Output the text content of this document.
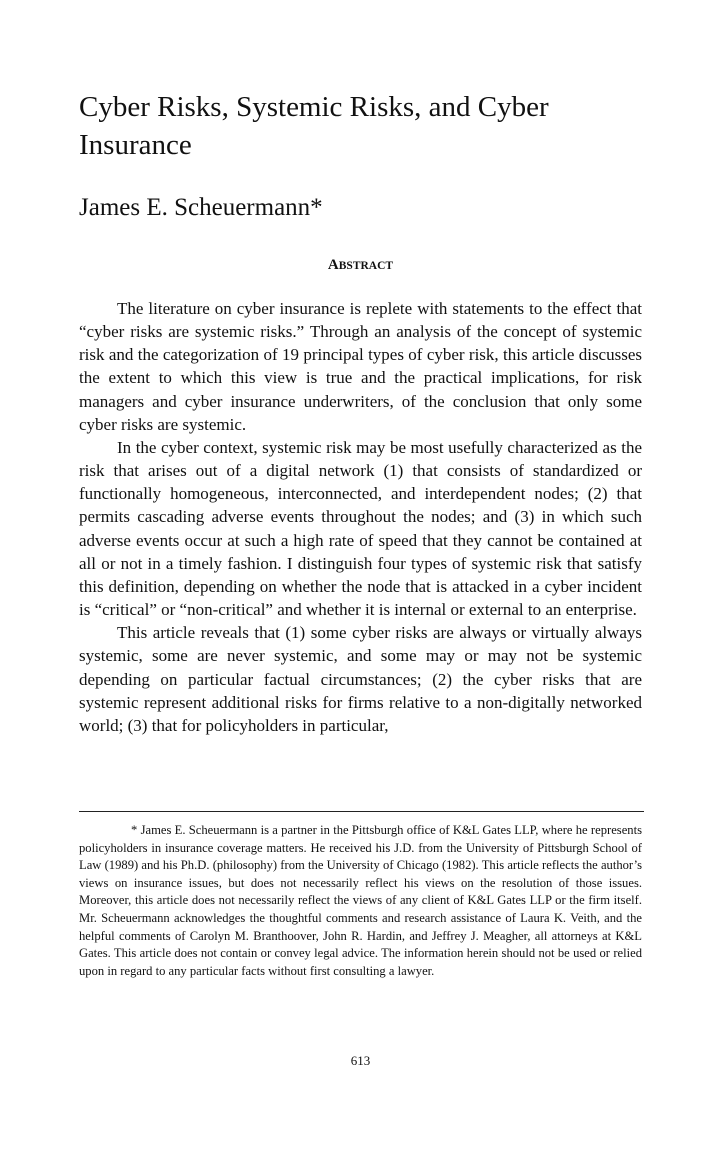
Cyber Risks, Systemic Risks, and Cyber Insurance
James E. Scheuermann*
ABSTRACT

The literature on cyber insurance is replete with statements to the effect that “cyber risks are systemic risks.” Through an analysis of the concept of systemic risk and the categorization of 19 principal types of cyber risk, this article discusses the extent to which this view is true and the practical implications, for risk managers and cyber insurance underwriters, of the conclusion that only some cyber risks are systemic.

In the cyber context, systemic risk may be most usefully characterized as the risk that arises out of a digital network (1) that consists of standardized or functionally homogeneous, interconnected, and interdependent nodes; (2) that permits cascading adverse events throughout the nodes; and (3) in which such adverse events occur at such a high rate of speed that they cannot be contained at all or not in a timely fashion. I distinguish four types of systemic risk that satisfy this definition, depending on whether the node that is attacked in a cyber incident is “critical” or “non-critical” and whether it is internal or external to an enterprise.

This article reveals that (1) some cyber risks are always or virtually always systemic, some are never systemic, and some may or may not be systemic depending on particular factual circumstances; (2) the cyber risks that are systemic represent additional risks for firms relative to a non-digitally networked world; (3) that for policyholders in particular,

* James E. Scheuermann is a partner in the Pittsburgh office of K&L Gates LLP, where he represents policyholders in insurance coverage matters. He received his J.D. from the University of Pittsburgh School of Law (1989) and his Ph.D. (philosophy) from the University of Chicago (1982). This article reflects the author’s views on insurance issues, but does not necessarily reflect his views on the resolution of those issues. Moreover, this article does not necessarily reflect the views of any client of K&L Gates LLP or the firm itself. Mr. Scheuermann acknowledges the thoughtful comments and research assistance of Laura K. Veith, and the helpful comments of Carolyn M. Branthoover, John R. Hardin, and Jeffrey J. Meagher, all attorneys at K&L Gates. This article does not contain or convey legal advice. The information herein should not be used or relied upon in regard to any particular facts without first consulting a lawyer.

613
